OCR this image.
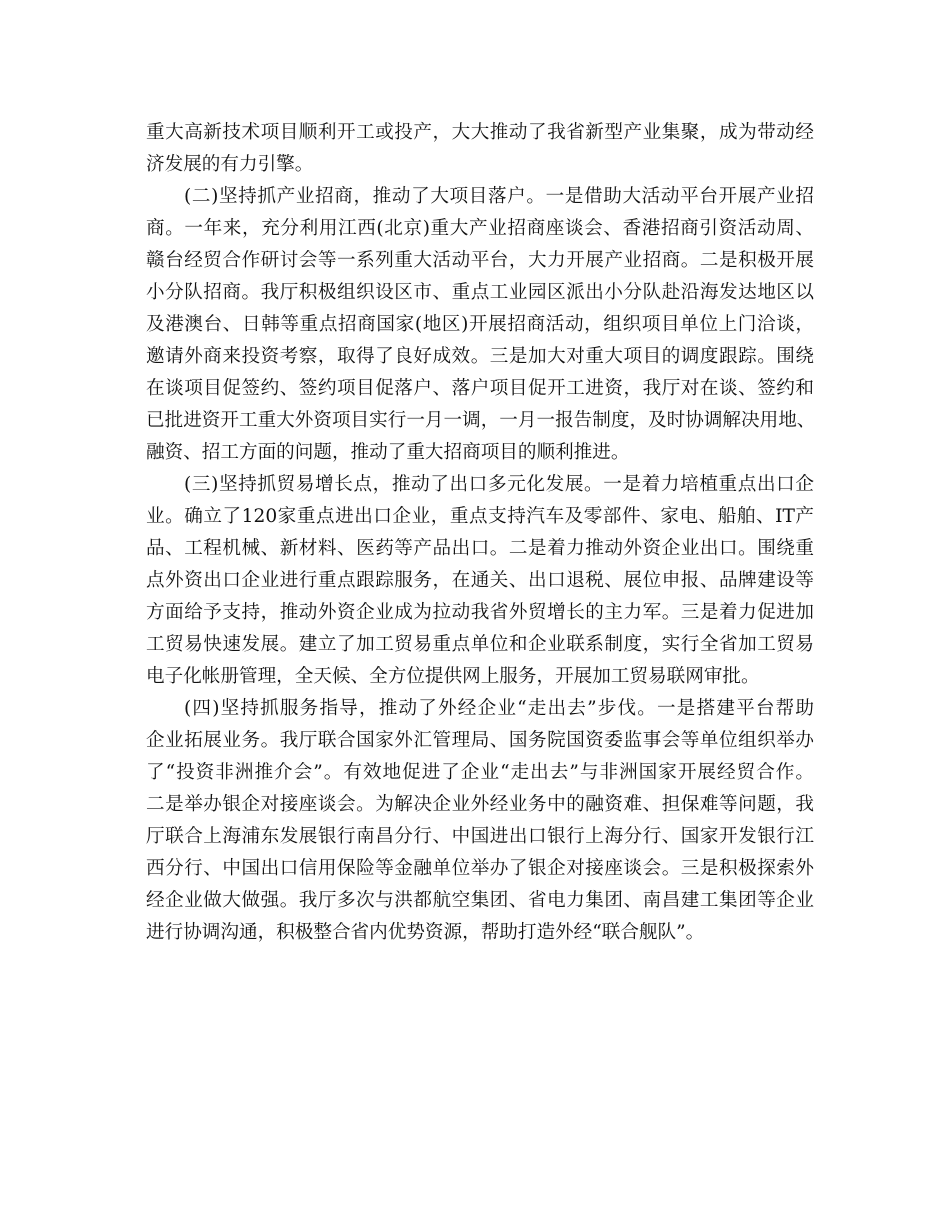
重大高新技术项目顺利开工或投产，大大推动了我省新型产业集聚，成为带动经
济发展的有力引擎。

(二)坚持抓产业招商，推动了大项目落户。一是借助大活动平台开展产业招
商。一年来，充分利用江西(北京)重大产业招商座谈会、香港招商引资活动周、
赣台经贸合作研讨会等一系列重大活动平台，大力开展产业招商。二是积极开展
小分队招商。我厅积极组织设区市、重点工业园区派出小分队赴沿海发达地区以
及港澳台、日韩等重点招商国家(地区)开展招商活动，组织项目单位上门洽谈，
邀请外商来投资考察，取得了良好成效。三是加大对重大项目的调度跟踪。围绕
在谈项目促签约、签约项目促落户、落户项目促开工进资，我厅对在谈、签约和
已批进资开工重大外资项目实行一月一调，一月一报告制度，及时协调解决用地、
融资、招工方面的问题，推动了重大招商项目的顺利推进。

(三)坚持抓贸易增长点，推动了出口多元化发展。一是着力培植重点出口企
业。确立了120家重点进出口企业，重点支持汽车及零部件、家电、船舶、IT产
品、工程机械、新材料、医药等产品出口。二是着力推动外资企业出口。围绕重
点外资出口企业进行重点跟踪服务，在通关、出口退税、展位申报、品牌建设等
方面给予支持，推动外资企业成为拉动我省外贸增长的主力军。三是着力促进加
工贸易快速发展。建立了加工贸易重点单位和企业联系制度，实行全省加工贸易
电子化帐册管理，全天候、全方位提供网上服务，开展加工贸易联网审批。

(四)坚持抓服务指导，推动了外经企业“走出去”步伐。一是搭建平台帮助
企业拓展业务。我厅联合国家外汇管理局、国务院国资委监事会等单位组织举办
了“投资非洲推介会”。有效地促进了企业“走出去”与非洲国家开展经贸合作。
二是举办银企对接座谈会。为解决企业外经业务中的融资难、担保难等问题，我
厅联合上海浦东发展银行南昌分行、中国进出口银行上海分行、国家开发银行江
西分行、中国出口信用保险等金融单位举办了银企对接座谈会。三是积极探索外
经企业做大做强。我厅多次与洪都航空集团、省电力集团、南昌建工集团等企业
进行协调沟通，积极整合省内优势资源，帮助打造外经“联合舰队”。
